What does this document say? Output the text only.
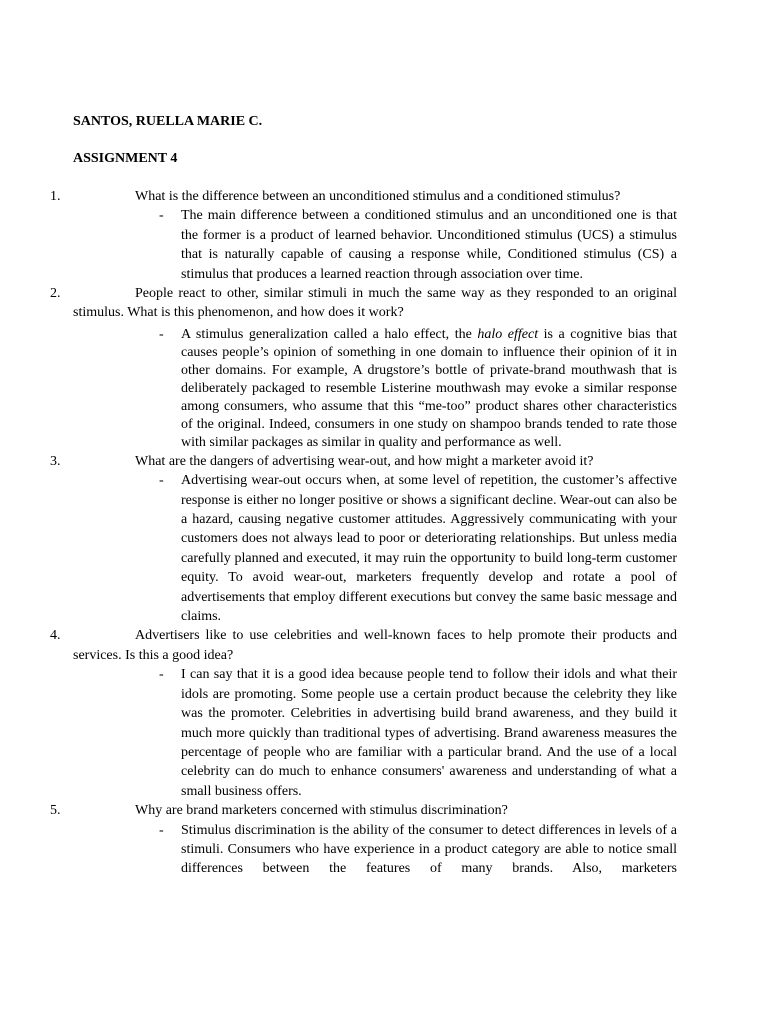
SANTOS, RUELLA MARIE C.
ASSIGNMENT 4
1.	What is the difference between an unconditioned stimulus and a conditioned stimulus?
- The main difference between a conditioned stimulus and an unconditioned one is that the former is a product of learned behavior. Unconditioned stimulus (UCS) a stimulus that is naturally capable of causing a response while, Conditioned stimulus (CS) a stimulus that produces a learned reaction through association over time.
2.	People react to other, similar stimuli in much the same way as they responded to an original stimulus. What is this phenomenon, and how does it work?
- A stimulus generalization called a halo effect, the halo effect is a cognitive bias that causes people’s opinion of something in one domain to influence their opinion of it in other domains. For example, A drugstore’s bottle of private-brand mouthwash that is deliberately packaged to resemble Listerine mouthwash may evoke a similar response among consumers, who assume that this “me-too” product shares other characteristics of the original. Indeed, consumers in one study on shampoo brands tended to rate those with similar packages as similar in quality and performance as well.
3.	What are the dangers of advertising wear-out, and how might a marketer avoid it?
- Advertising wear-out occurs when, at some level of repetition, the customer’s affective response is either no longer positive or shows a significant decline. Wear-out can also be a hazard, causing negative customer attitudes. Aggressively communicating with your customers does not always lead to poor or deteriorating relationships. But unless media carefully planned and executed, it may ruin the opportunity to build long-term customer equity. To avoid wear-out, marketers frequently develop and rotate a pool of advertisements that employ different executions but convey the same basic message and claims.
4.	Advertisers like to use celebrities and well-known faces to help promote their products and services. Is this a good idea?
- I can say that it is a good idea because people tend to follow their idols and what their idols are promoting. Some people use a certain product because the celebrity they like was the promoter. Celebrities in advertising build brand awareness, and they build it much more quickly than traditional types of advertising. Brand awareness measures the percentage of people who are familiar with a particular brand. And the use of a local celebrity can do much to enhance consumers' awareness and understanding of what a small business offers.
5.	Why are brand marketers concerned with stimulus discrimination?
- Stimulus discrimination is the ability of the consumer to detect differences in levels of a stimuli. Consumers who have experience in a product category are able to notice small differences between the features of many brands. Also, marketers
